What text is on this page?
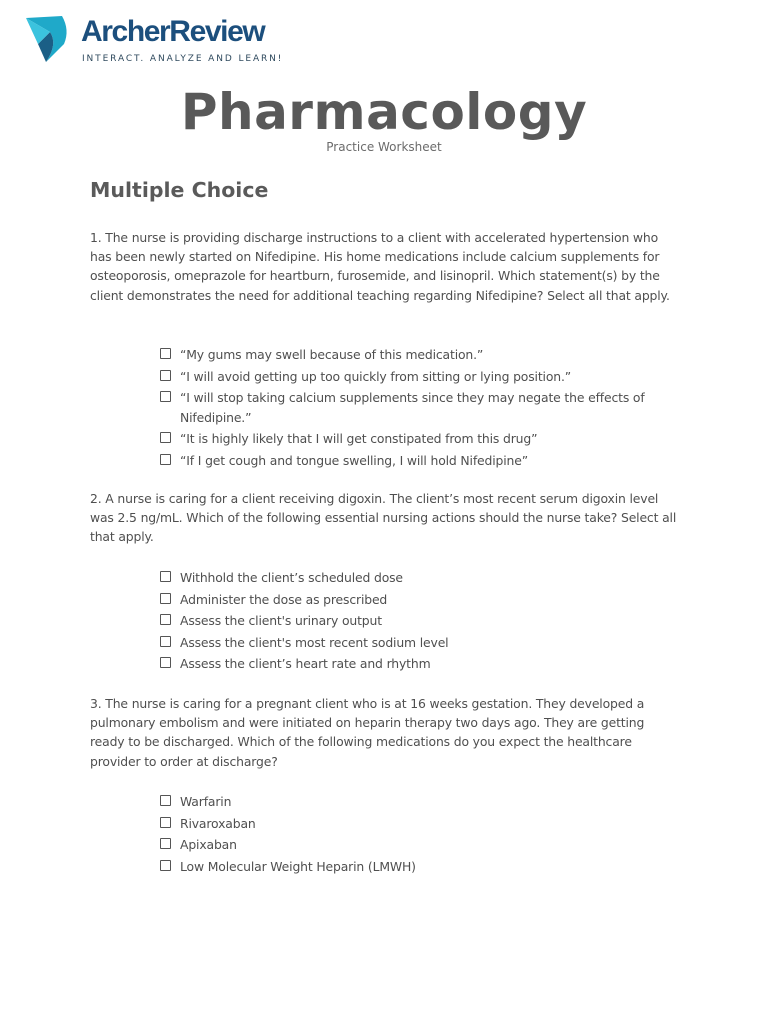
ArcherReview
INTERACT. ANALYZE AND LEARN!
Pharmacology
Practice Worksheet
Multiple Choice

1. The nurse is providing discharge instructions to a client with accelerated hypertension who has been newly started on Nifedipine. His home medications include calcium supplements for osteoporosis, omeprazole for heartburn, furosemide, and lisinopril. Which statement(s) by the client demonstrates the need for additional teaching regarding Nifedipine? Select all that apply.

“My gums may swell because of this medication.”
“I will avoid getting up too quickly from sitting or lying position.”
“I will stop taking calcium supplements since they may negate the effects of Nifedipine.”
“It is highly likely that I will get constipated from this drug”
“If I get cough and tongue swelling, I will hold Nifedipine”

2. A nurse is caring for a client receiving digoxin. The client’s most recent serum digoxin level was 2.5 ng/mL. Which of the following essential nursing actions should the nurse take? Select all that apply.

Withhold the client’s scheduled dose
Administer the dose as prescribed
Assess the client's urinary output
Assess the client's most recent sodium level
Assess the client’s heart rate and rhythm

3. The nurse is caring for a pregnant client who is at 16 weeks gestation. They developed a pulmonary embolism and were initiated on heparin therapy two days ago. They are getting ready to be discharged. Which of the following medications do you expect the healthcare provider to order at discharge?

Warfarin
Rivaroxaban
Apixaban
Low Molecular Weight Heparin (LMWH)
